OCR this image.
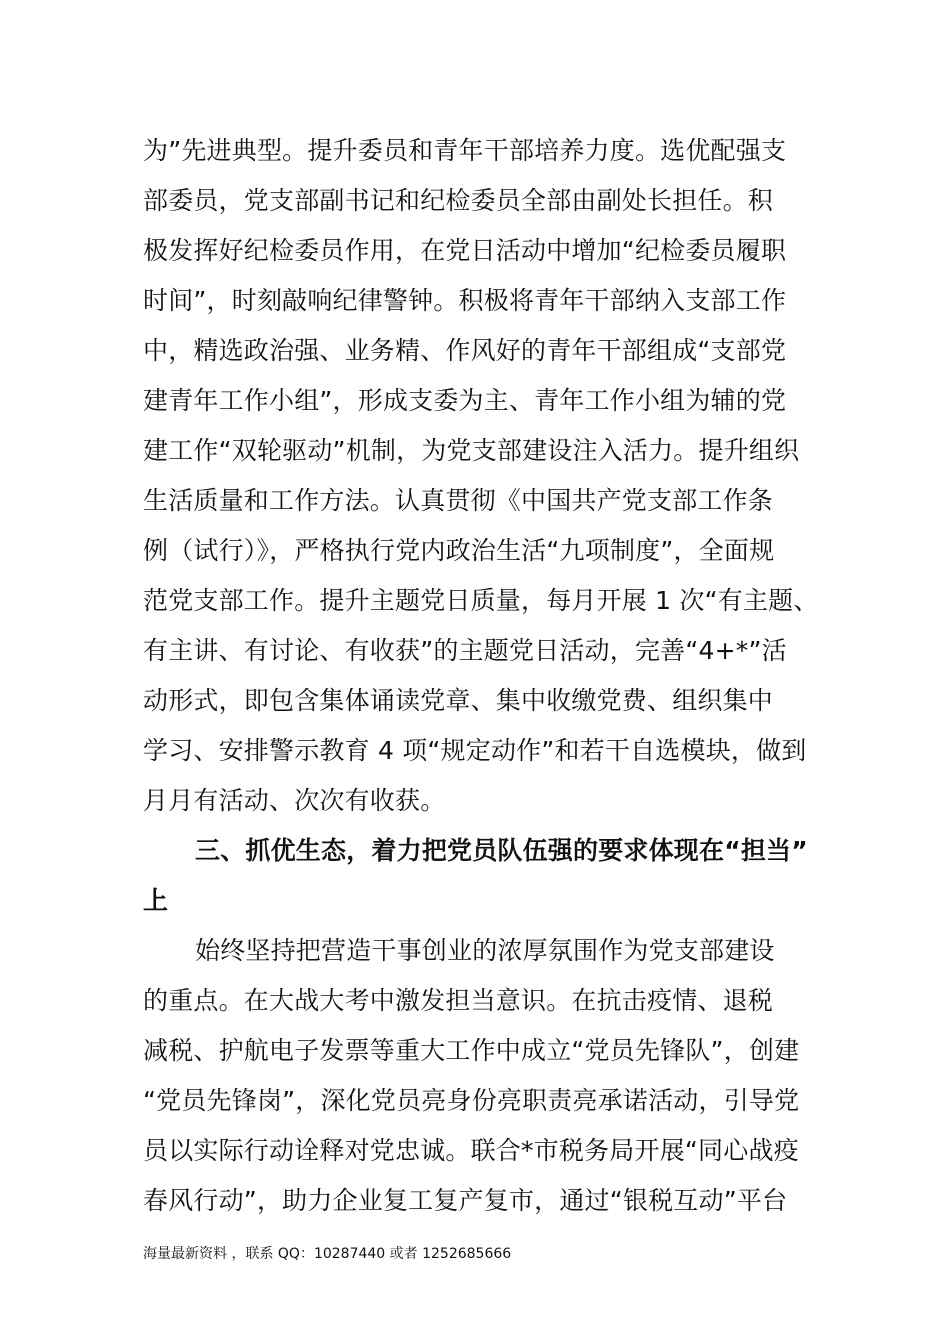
为”先进典型。提升委员和青年干部培养力度。选优配强支
部委员，党支部副书记和纪检委员全部由副处长担任。积
极发挥好纪检委员作用，在党日活动中增加“纪检委员履职
时间”，时刻敲响纪律警钟。积极将青年干部纳入支部工作
中，精选政治强、业务精、作风好的青年干部组成“支部党
建青年工作小组”，形成支委为主、青年工作小组为辅的党
建工作“双轮驱动”机制，为党支部建设注入活力。提升组织
生活质量和工作方法。认真贯彻《中国共产党支部工作条
例（试行）》，严格执行党内政治生活“九项制度”，全面规
范党支部工作。提升主题党日质量，每月开展 1 次“有主题、
有主讲、有讨论、有收获”的主题党日活动，完善“4+*”活
动形式，即包含集体诵读党章、集中收缴党费、组织集中
学习、安排警示教育 4 项“规定动作”和若干自选模块，做到
月月有活动、次次有收获。
三、抓优生态，着力把党员队伍强的要求体现在“担当”
上
始终坚持把营造干事创业的浓厚氛围作为党支部建设
的重点。在大战大考中激发担当意识。在抗击疫情、退税
减税、护航电子发票等重大工作中成立“党员先锋队”，创建
“党员先锋岗”，深化党员亮身份亮职责亮承诺活动，引导党
员以实际行动诠释对党忠诚。联合*市税务局开展“同心战疫
春风行动”，助力企业复工复产复市，通过“银税互动”平台
海量最新资料 ，联系 QQ：10287440 或者 1252685666
